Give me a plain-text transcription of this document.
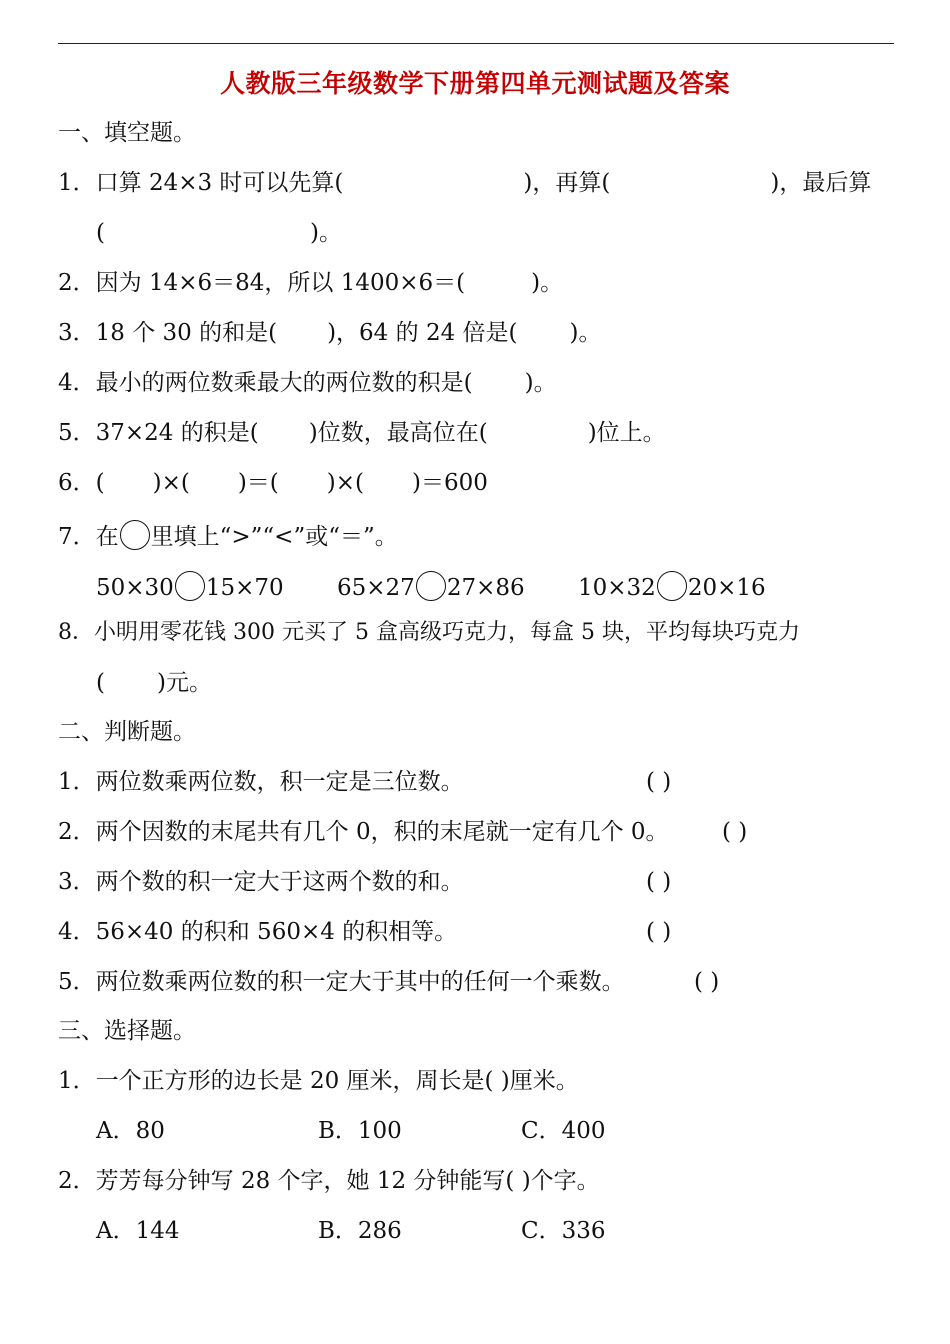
人教版三年级数学下册第四单元测试题及答案
一、填空题。
1．口算 24×3 时可以先算(	)，再算(	)，最后算
(	)。
2．因为 14×6＝84，所以 1400×6＝(	)。
3．18 个 30 的和是( )，64 的 24 倍是( )。
4．最小的两位数乘最大的两位数的积是( )。
5．37×24 的积是( )位数，最高位在(	)位上。
6．( )×( )＝( )×( )＝600
7．在 里填上“>”“<”或“＝”。
50×30 15×70 65×27 27×86 10×32 20×16
8．小明用零花钱 300 元买了 5 盒高级巧克力，每盒 5 块，平均每块巧克力
( )元。
二、判断题。
1．两位数乘两位数，积一定是三位数。	( )
2．两个因数的末尾共有几个 0，积的末尾就一定有几个 0。 ( )
3．两个数的积一定大于这两个数的和。	( )
4．56×40 的积和 560×4 的积相等。	( )
5．两位数乘两位数的积一定大于其中的任何一个乘数。	( )
三、选择题。
1．一个正方形的边长是 20 厘米，周长是( )厘米。
A．80	B．100	C．400
2．芳芳每分钟写 28 个字，她 12 分钟能写( )个字。
A．144	B．286	C．336
